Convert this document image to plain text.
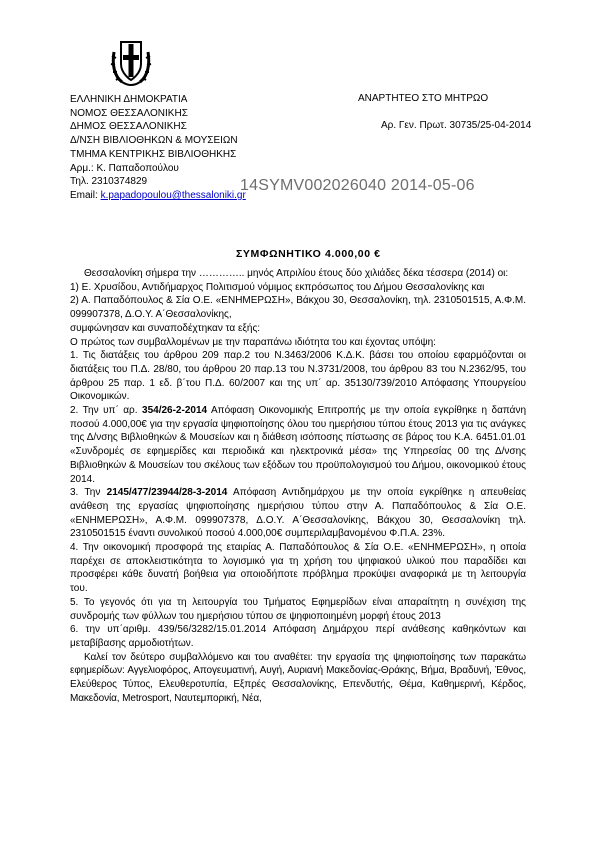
ΕΛΛΗΝΙΚΗ ΔΗΜΟΚΡΑΤΙΑ
ΝΟΜΟΣ ΘΕΣΣΑΛΟΝΙΚΗΣ
ΔΗΜΟΣ ΘΕΣΣΑΛΟΝΙΚΗΣ
Δ/ΝΣΗ ΒΙΒΛΙΟΘΗΚΩΝ & ΜΟΥΣΕΙΩΝ
ΤΜΗΜΑ ΚΕΝΤΡΙΚΗΣ ΒΙΒΛΙΟΘΗΚΗΣ
Αρμ.: Κ. Παπαδοπούλου
Τηλ. 2310374829
Email: k.papadopoulou@thessaloniki.gr
ΑΝΑΡΤΗΤΕΟ ΣΤΟ ΜΗΤΡΩΟ
Αρ. Γεν. Πρωτ. 30735/25-04-2014
14SYMV002026040 2014-05-06
ΣΥΜΦΩΝΗΤΙΚΟ 4.000,00 €

Θεσσαλονίκη σήμερα την ………….. μηνός Απριλίου έτους δύο χιλιάδες δέκα τέσσερα (2014) οι:

1) Ε. Χρυσίδου, Αντιδήμαρχος Πολιτισμού νόμιμος εκπρόσωπος του Δήμου Θεσσαλονίκης και

2) Α. Παπαδόπουλος & Σία Ο.Ε. «ΕΝΗΜΕΡΩΣΗ», Βάκχου 30, Θεσσαλονίκη, τηλ. 2310501515, Α.Φ.Μ. 099907378, Δ.Ο.Υ. Α΄Θεσσαλονίκης,

συμφώνησαν και συναποδέχτηκαν τα εξής:

Ο πρώτος των συμβαλλομένων με την παραπάνω ιδιότητα του και έχοντας υπόψη:

1. Τις διατάξεις του άρθρου 209 παρ.2 του Ν.3463/2006 Κ.Δ.Κ. βάσει του οποίου εφαρμόζονται οι διατάξεις του Π.Δ. 28/80, του άρθρου 20 παρ.13 του Ν.3731/2008, του άρθρου 83 του Ν.2362/95, του άρθρου 25 παρ. 1 εδ. β΄του Π.Δ. 60/2007 και της υπ΄ αρ. 35130/739/2010 Απόφασης Υπουργείου Οικονομικών.

2. Την υπ΄ αρ. 354/26-2-2014 Απόφαση Οικονομικής Επιτροπής με την οποία εγκρίθηκε η δαπάνη ποσού 4.000,00€ για την εργασία ψηφιοποίησης όλου του ημερήσιου τύπου έτους 2013 για τις ανάγκες της Δ/νσης Βιβλιοθηκών & Μουσείων και η διάθεση ισόποσης πίστωσης σε βάρος του Κ.Α. 6451.01.01 «Συνδρομές σε εφημερίδες και περιοδικά και ηλεκτρονικά μέσα» της Υπηρεσίας 00 της Δ/νσης Βιβλιοθηκών & Μουσείων του σκέλους των εξόδων του προϋπολογισμού του Δήμου, οικονομικού έτους 2014.

3. Την 2145/477/23944/28-3-2014 Απόφαση Αντιδημάρχου με την οποία εγκρίθηκε η απευθείας ανάθεση της εργασίας ψηφιοποίησης ημερήσιου τύπου στην Α. Παπαδόπουλος & Σία Ο.Ε. «ΕΝΗΜΕΡΩΣΗ», Α.Φ.Μ. 099907378, Δ.Ο.Υ. Α΄Θεσσαλονίκης, Βάκχου 30, Θεσσαλονίκη τηλ. 2310501515 έναντι συνολικού ποσού 4.000,00€ συμπεριλαμβανομένου Φ.Π.Α. 23%.

4. Την οικονομική προσφορά της εταιρίας Α. Παπαδόπουλος & Σία Ο.Ε. «ΕΝΗΜΕΡΩΣΗ», η οποία παρέχει σε αποκλειστικότητα το λογισμικό για τη χρήση του ψηφιακού υλικού που παραδίδει και προσφέρει κάθε δυνατή βοήθεια για οποιοδήποτε πρόβλημα προκύψει αναφορικά με τη λειτουργία του.

5. Το γεγονός ότι για τη λειτουργία του Τμήματος Εφημερίδων είναι απαραίτητη η συνέχιση της συνδρομής των φύλλων του ημερήσιου τύπου σε ψηφιοποιημένη μορφή έτους 2013

6. την υπ΄αριθμ. 439/56/3282/15.01.2014 Απόφαση Δημάρχου περί ανάθεσης καθηκόντων και μεταβίβασης αρμοδιοτήτων.

Καλεί τον δεύτερο συμβαλλόμενο και του αναθέτει: την εργασία της ψηφιοποίησης των παρακάτω εφημερίδων: Αγγελιοφόρος, Απογευματινή, Αυγή, Αυριανή Μακεδονίας-Θράκης, Βήμα, Βραδυνή, Έθνος, Ελεύθερος Τύπος, Ελευθεροτυπία, Εξπρές Θεσσαλονίκης, Επενδυτής, Θέμα, Καθημερινή, Κέρδος, Μακεδονία, Metrosport, Ναυτεμπορική, Νέα,
